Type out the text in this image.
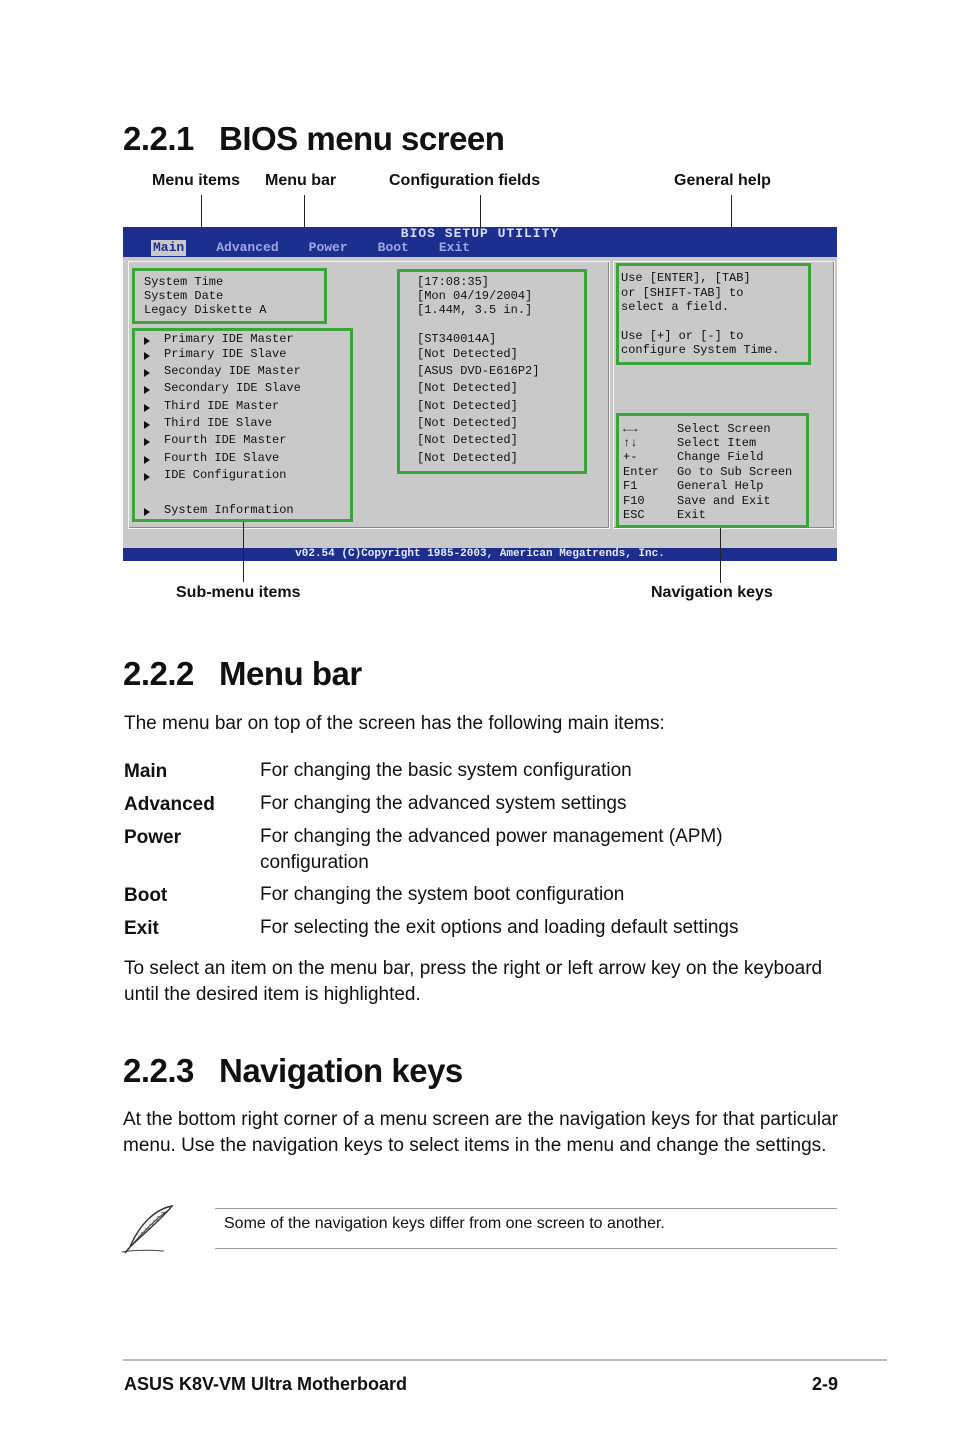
2.2.1 BIOS menu screen
Menu items Menu bar	Configuration fields	General help
BIOS SETUP UTILITY
Main Advanced Power Boot Exit
System Time
System Date
Legacy Diskette A
Primary IDE Master
Primary IDE Slave
Seconday IDE Master
Secondary IDE Slave
Third IDE Master
Third IDE Slave
Fourth IDE Master
Fourth IDE Slave
IDE Configuration
System Information
[17:08:35]
[Mon 04/19/2004]
[1.44M, 3.5 in.]
[ST340014A]
[Not Detected]
[ASUS DVD-E616P2]
[Not Detected]
[Not Detected]
[Not Detected]
[Not Detected]
[Not Detected]
Use [ENTER], [TAB]
or [SHIFT-TAB] to
select a field.
Use [+] or [-] to
configure System Time.
←→	Select Screen
↑↓	Select Item
+-	Change Field
Enter Go to Sub Screen
F1	General Help
F10	Save and Exit
ESC	Exit
v02.54 (C)Copyright 1985-2003, American Megatrends, Inc.
Sub-menu items	Navigation keys
2.2.2 Menu bar
The menu bar on top of the screen has the following main items:
Main	For changing the basic system configuration
Advanced For changing the advanced system settings
Power	For changing the advanced power management (APM) configuration
Boot	For changing the system boot configuration
Exit	For selecting the exit options and loading default settings
To select an item on the menu bar, press the right or left arrow key on the keyboard until the desired item is highlighted.
2.2.3 Navigation keys
At the bottom right corner of a menu screen are the navigation keys for that particular menu. Use the navigation keys to select items in the menu and change the settings.
Some of the navigation keys differ from one screen to another.
ASUS K8V-VM Ultra Motherboard	2-9
